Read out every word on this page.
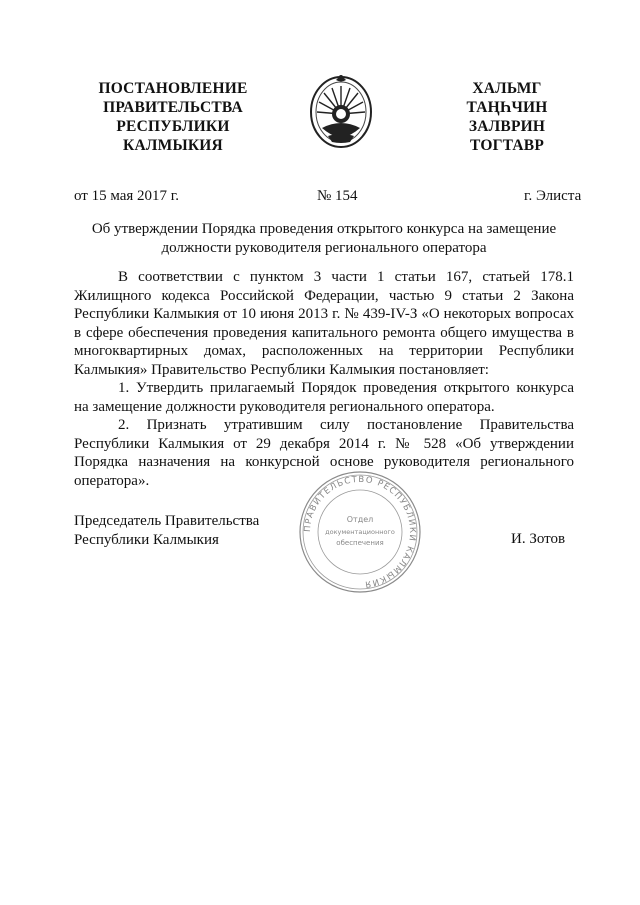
ПОСТАНОВЛЕНИЕ
ПРАВИТЕЛЬСТВА
РЕСПУБЛИКИ
КАЛМЫКИЯ
ХАЛЬМГ
ТАҢҺЧИН
ЗАЛВРИН
ТОГТАВР
от 15 мая 2017 г.	№ 154	г. Элиста
Об утверждении Порядка проведения открытого конкурса на замещение
должности руководителя регионального оператора

В соответствии с пунктом 3 части 1 статьи 167, статьей 178.1 Жилищного кодекса Российской Федерации, частью 9 статьи 2 Закона Республики Калмыкия от 10 июня 2013 г. № 439-IV-З «О некоторых вопросах в сфере обеспечения проведения капитального ремонта общего имущества в многоквартирных домах, расположенных на территории Республики Калмыкия» Правительство Республики Калмыкия постановляет:

1. Утвердить прилагаемый Порядок проведения открытого конкурса на замещение должности руководителя регионального оператора.

2. Признать утратившим силу постановление Правительства Республики Калмыкия от 29 декабря 2014 г. № 528 «Об утверждении Порядка назначения на конкурсной основе руководителя регионального оператора».

ПРАВИТЕЛЬСТВО РЕСПУБЛИКИ КАЛМЫКИЯ
Отдел
документационного
обеспечения
Председатель Правительства
Республики Калмыкия	И. Зотов
